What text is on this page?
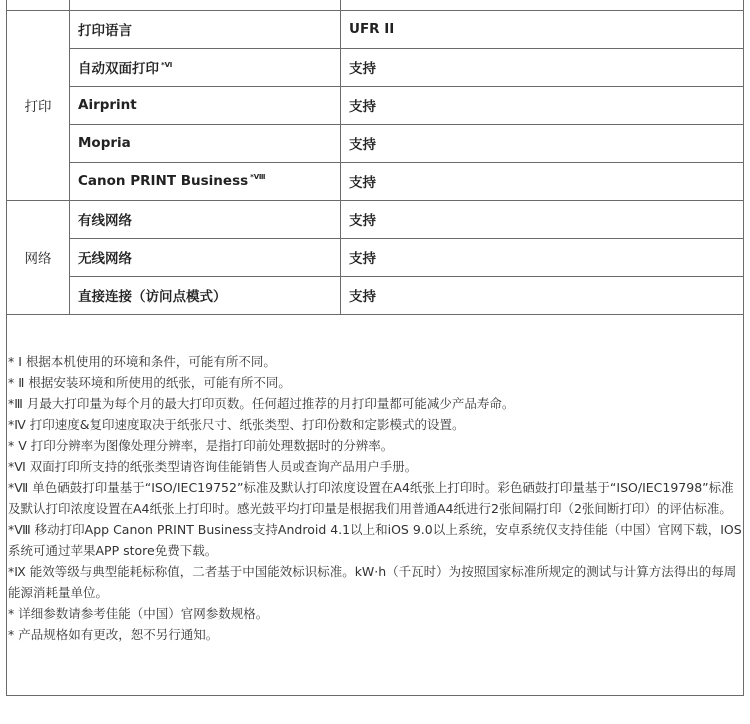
打印	打印语言	UFR II
	自动双面打印 $^{*Ⅵ}$	支持
	Airprint	支持
	Mopria	支持
	Canon PRINT Business $^{*Ⅷ}$	支持
网络	有线网络	支持
	无线网络	支持
	直接连接（访问点模式）	支持
* Ⅰ 根据本机使用的环境和条件，可能有所不同。
* Ⅱ 根据安装环境和所使用的纸张，可能有所不同。
*Ⅲ 月最大打印量为每个月的最大打印页数。任何超过推荐的月打印量都可能减少产品寿命。
*Ⅳ 打印速度&复印速度取决于纸张尺寸、纸张类型、打印份数和定影模式的设置。
* Ⅴ 打印分辨率为图像处理分辨率，是指打印前处理数据时的分辨率。
*Ⅵ 双面打印所支持的纸张类型请咨询佳能销售人员或查询产品用户手册。
*Ⅶ 单色硒鼓打印量基于“ISO/IEC19752”标准及默认打印浓度设置在A4纸张上打印时。彩色硒鼓打印量基于“ISO/IEC19798”标准及默认打印浓度设置在A4纸张上打印时。感光鼓平均打印量是根据我们用普通A4纸进行2张间隔打印（2张间断打印）的评估标准。
*Ⅷ 移动打印App Canon PRINT Business支持Android 4.1以上和iOS 9.0以上系统，安卓系统仅支持佳能（中国）官网下载，IOS系统可通过苹果APP store免费下载。
*Ⅸ 能效等级与典型能耗标称值，二者基于中国能效标识标准。kW·h（千瓦时）为按照国家标准所规定的测试与计算方法得出的每周能源消耗量单位。
* 详细参数请参考佳能（中国）官网参数规格。
* 产品规格如有更改，恕不另行通知。
